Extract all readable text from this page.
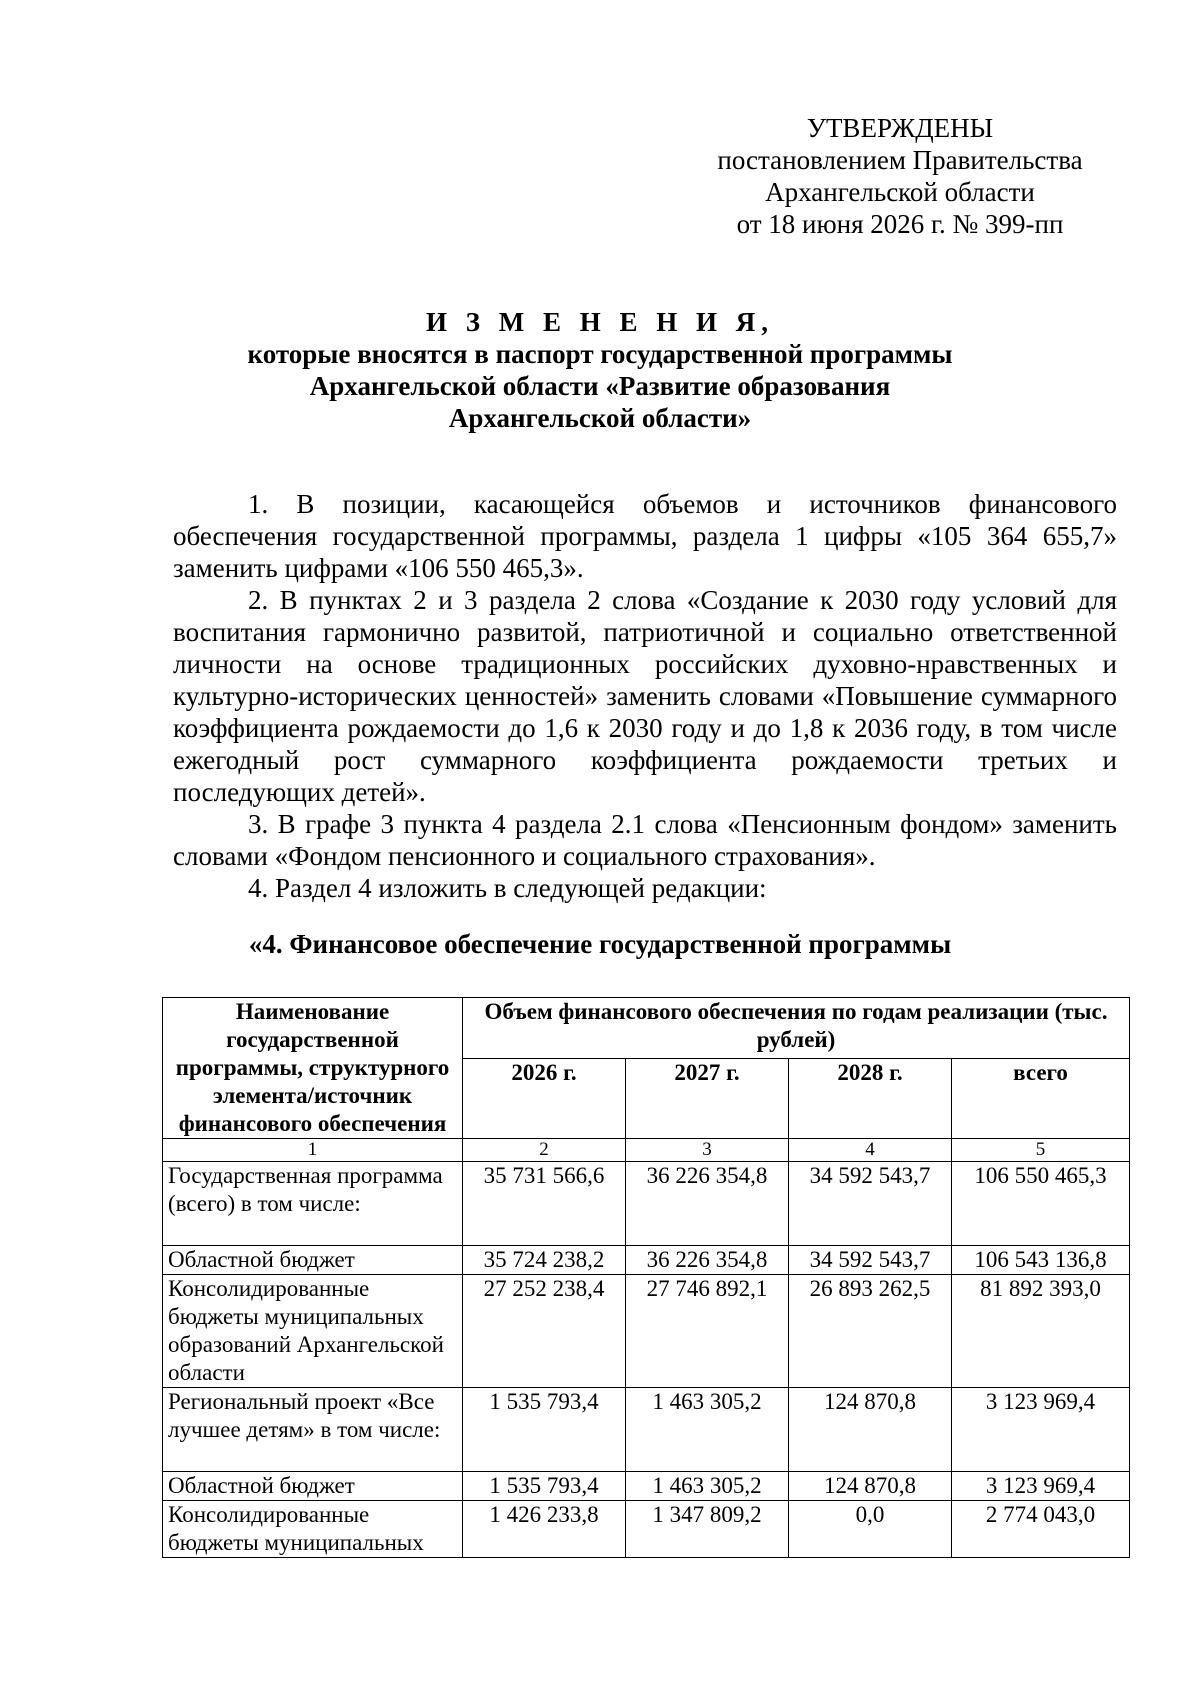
УТВЕРЖДЕНЫ
постановлением Правительства
Архангельской области
от 18 июня 2026 г. № 399-пп
И З М Е Н Е Н И Я,
которые вносятся в паспорт государственной программы
Архангельской области «Развитие образования
Архангельской области»

1. В позиции, касающейся объемов и источников финансового обеспечения государственной программы, раздела 1 цифры «105 364 655,7» заменить цифрами «106 550 465,3».

2. В пунктах 2 и 3 раздела 2 слова «Создание к 2030 году условий для воспитания гармонично развитой, патриотичной и социально ответственной личности на основе традиционных российских духовно-нравственных и культурно-исторических ценностей» заменить словами «Повышение суммарного коэффициента рождаемости до 1,6 к 2030 году и до 1,8 к 2036 году, в том числе ежегодный рост суммарного коэффициента рождаемости третьих и последующих детей».

3. В графе 3 пункта 4 раздела 2.1 слова «Пенсионным фондом» заменить словами «Фондом пенсионного и социального страхования».

4. Раздел 4 изложить в следующей редакции:

«4. Финансовое обеспечение государственной программы
Наименование государственной программы, структурного элемента/источник финансового обеспечения	Объем финансового обеспечения по годам реализации (тыс. рублей)			
	2026 г.	2027 г.	2028 г.	всего
1	2	3	4	5
Государственная программа (всего) в том числе:	35 731 566,6	36 226 354,8	34 592 543,7	106 550 465,3
Областной бюджет	35 724 238,2	36 226 354,8	34 592 543,7	106 543 136,8
Консолидированные бюджеты муниципальных образований Архангельской области	27 252 238,4	27 746 892,1	26 893 262,5	81 892 393,0
Региональный проект «Все лучшее детям» в том числе:	1 535 793,4	1 463 305,2	124 870,8	3 123 969,4
Областной бюджет	1 535 793,4	1 463 305,2	124 870,8	3 123 969,4
Консолидированные бюджеты муниципальных	1 426 233,8	1 347 809,2	0,0	2 774 043,0
